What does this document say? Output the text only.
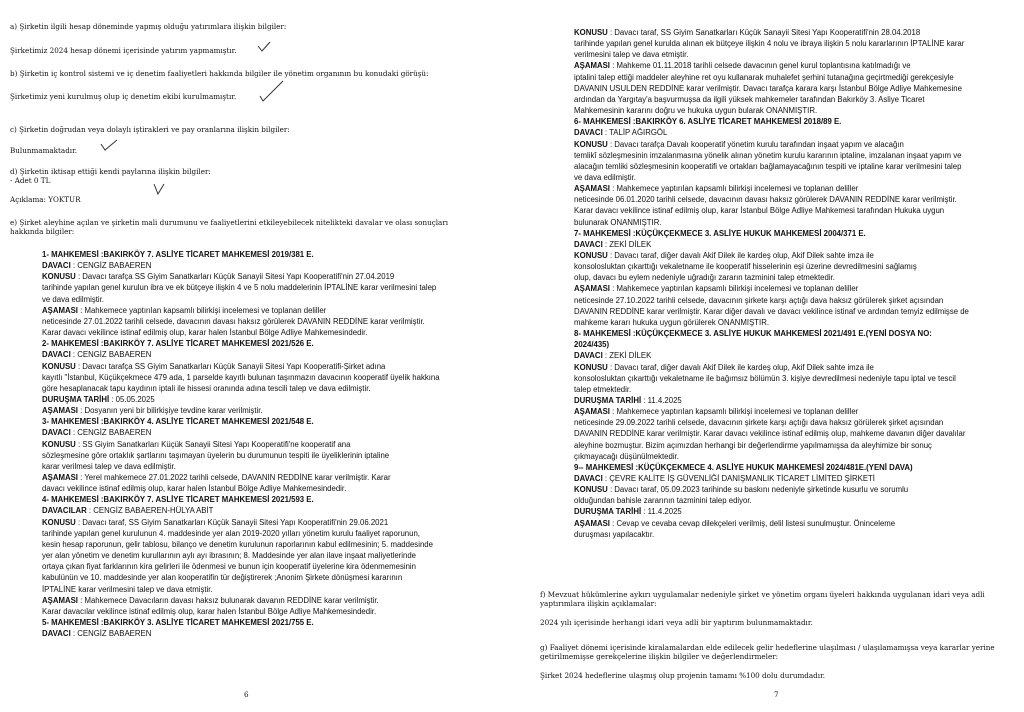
a) Şirketin ilgili hesap döneminde yapmış olduğu yatırımlara ilişkin bilgiler:
Şirketimiz 2024 hesap dönemi içerisinde yatırım yapmamıştır.
b) Şirketin iç kontrol sistemi ve iç denetim faaliyetleri hakkında bilgiler ile yönetim organının bu konudaki görüşü:
Şirketimiz yeni kurulmuş olup iç denetim ekibi kurulmamıştır.
c) Şirketin doğrudan veya dolaylı iştirakleri ve pay oranlarına ilişkin bilgiler:
Bulunmamaktadır.
d) Şirketin iktisap ettiği kendi paylarına ilişkin bilgiler:
- Adet 0 TL
Açıklama: YOKTUR
e) Şirket aleyhine açılan ve şirketin mali durumunu ve faaliyetlerini etkileyebilecek nitelikteki davalar ve olası sonuçları
hakkında bilgiler:
1- MAHKEMESİ :BAKIRKÖY 7. ASLİYE TİCARET MAHKEMESİ 2019/381 E.
DAVACI : CENGİZ BABAEREN
KONUSU : Davacı tarafça SS Giyim Sanatkarları Küçük Sanayii Sitesi Yapı Kooperatifi'nin 27.04.2019
tarihinde yapılan genel kurulun ibra ve ek bütçeye ilişkin 4 ve 5 nolu maddelerinin İPTALİNE karar verilmesini talep
ve dava edilmiştir.
AŞAMASI : Mahkemece yaptırılan kapsamlı bilirkişi incelemesi ve toplanan deliller
neticesinde 27.01.2022 tarihli celsede, davacının davası haksız görülerek DAVANIN REDDİNE karar verilmiştir.
Karar davacı vekilince istinaf edilmiş olup, karar halen İstanbul Bölge Adliye Mahkemesindedir.
2- MAHKEMESİ :BAKIRKÖY 7. ASLİYE TİCARET MAHKEMESİ 2021/526 E.
DAVACI : CENGİZ BABAEREN
KONUSU : Davacı tarafça SS Giyim Sanatkarları Küçük Sanayii Sitesi Yapı Kooperatifi-Şirket adına
kayıtlı "İstanbul, Küçükçekmece 479 ada, 1 parselde kayıtlı bulunan taşınmazın davacının kooperatif üyelik hakkına
göre hesaplanacak tapu kaydının iptali ile hissesi oranında adına tescili talep ve dava edilmiştir.
DURUŞMA TARİHİ : 05.05.2025
AŞAMASI : Dosyanın yeni bir bilirkişiye tevdine karar verilmiştir.
3- MAHKEMESİ :BAKIRKÖY 4. ASLİYE TİCARET MAHKEMESİ 2021/548 E.
DAVACI : CENGİZ BABAEREN
KONUSU : SS Giyim Sanatkarları Küçük Sanayii Sitesi Yapı Kooperatifi'ne kooperatif ana
sözleşmesine göre ortaklık şartlarını taşımayan üyelerin bu durumunun tespiti ile üyeliklerinin iptaline
karar verilmesi talep ve dava edilmiştir.
AŞAMASI : Yerel mahkemece 27.01.2022 tarihli celsede, DAVANIN REDDİNE karar verilmiştir. Karar
davacı vekilince istinaf edilmiş olup, karar halen İstanbul Bölge Adliye Mahkemesindedir.
4- MAHKEMESİ :BAKIRKÖY 7. ASLİYE TİCARET MAHKEMESİ 2021/593 E.
DAVACILAR : CENGİZ BABAEREN-HÜLYA ABİT
KONUSU : Davacı taraf, SS Giyim Sanatkarları Küçük Sanayii Sitesi Yapı Kooperatifi'nin 29.06.2021
tarihinde yapılan genel kurulunun 4. maddesinde yer alan 2019-2020 yılları yönetim kurulu faaliyet raporunun,
kesin hesap raporunun, gelir tablosu, bilanço ve denetim kurulunun raporlarının kabul edilmesinin; 5. maddesinde
yer alan yönetim ve denetim kurullarının aylı ayı ibrasının; 8. Maddesinde yer alan ilave inşaat maliyetlerinde
ortaya çıkan fiyat farklarının kira gelirleri ile ödenmesi ve bunun için kooperatif üyelerine kira ödenmemesinin
kabulünün ve 10. maddesinde yer alan kooperatifin tür değiştirerek ;Anonim Şirkete dönüşmesi kararının
İPTALİNE karar verilmesini talep ve dava etmiştir.
AŞAMASI : Mahkemece Davacıların davası haksız bulunarak davanın REDDİNE karar verilmiştir.
Karar davacılar vekilince istinaf edilmiş olup, karar halen İstanbul Bölge Adliye Mahkemesindedir.
5- MAHKEMESİ :BAKIRKÖY 3. ASLİYE TİCARET MAHKEMESİ 2021/755 E.
DAVACI : CENGİZ BABAEREN
6
KONUSU : Davacı taraf, SS Giyim Sanatkarları Küçük Sanayii Sitesi Yapı Kooperatifi'nin 28.04.2018
tarihinde yapılan genel kurulda alınan ek bütçeye ilişkin 4 nolu ve ibraya ilişkin 5 nolu kararlarının İPTALİNE karar
verilmesini talep ve dava etmiştir.
AŞAMASI : Mahkeme 01.11.2018 tarihli celsede davacının genel kurul toplantısına katılmadığı ve
iptalini talep ettiği maddeler aleyhine ret oyu kullanarak muhalefet şerhini tutanağına geçirtmediği gerekçesiyle
DAVANIN USULDEN REDDİNE karar verilmiştir. Davacı tarafça karara karşı İstanbul Bölge Adliye Mahkemesine
ardından da Yargıtay'a başvurmuşsa da ilgili yüksek mahkemeler tarafından Bakırköy 3. Asliye Ticaret
Mahkemesinin kararını doğru ve hukuka uygun bularak ONANMIŞTIR.
6- MAHKEMESİ :BAKIRKÖY 6. ASLİYE TİCARET MAHKEMESİ 2018/89 E.
DAVACI : TALİP AĞIRGÖL
KONUSU : Davacı tarafça Davalı kooperatif yönetim kurulu tarafından inşaat yapım ve alacağın
temlikî sözleşmesinin imzalanmasına yönelik alınan yönetim kurulu kararının iptaline, imzalanan inşaat yapım ve
alacağın temliki sözleşmesinin kooperatifi ve ortakları bağlamayacağının tespiti ve iptaline karar verilmesini talep
ve dava edilmiştir.
AŞAMASI : Mahkemece yaptırılan kapsamlı bilirkişi incelemesi ve toplanan deliller
neticesinde 06.01.2020 tarihli celsede, davacının davası haksız görülerek DAVANIN REDDİNE karar verilmiştir.
Karar davacı vekilince istinaf edilmiş olup, karar İstanbul Bölge Adliye Mahkemesi tarafından Hukuka uygun
bulunarak ONANMIŞTIR.
7- MAHKEMESİ :KÜÇÜKÇEKMECE 3. ASLİYE HUKUK MAHKEMESİ 2004/371 E.
DAVACI : ZEKİ DİLEK
KONUSU : Davacı taraf, diğer davalı Akif Dilek ile kardeş olup, Akif Dilek sahte imza ile
konsolosluktan çıkarttığı vekaletname ile kooperatif hisselerinin eşi üzerine devredilmesini sağlamış
olup, davacı bu eylem nedeniyle uğradığı zararın tazminini talep etmektedir.
AŞAMASI : Mahkemece yaptırılan kapsamlı bilirkişi incelemesi ve toplanan deliller
neticesinde 27.10.2022 tarihli celsede, davacının şirkete karşı açtığı dava haksız görülerek şirket açısından
DAVANIN REDDİNE karar verilmiştir. Karar diğer davalı ve davacı vekilince istinaf ve ardından temyiz edilmişse de
mahkeme kararı hukuka uygun görülerek ONANMIŞTIR.
8- MAHKEMESİ :KÜÇÜKÇEKMECE 3. ASLİYE HUKUK MAHKEMESİ 2021/491 E.(YENİ DOSYA NO:
2024/435)
DAVACI : ZEKİ DİLEK
KONUSU : Davacı taraf, diğer davalı Akif Dilek ile kardeş olup, Akif Dilek sahte imza ile
konsolosluktan çıkarttığı vekaletname ile bağımsız bölümün 3. kişiye devredilmesi nedeniyle tapu iptal ve tescil
talep etmektedir.
DURUŞMA TARİHİ : 11.4.2025
AŞAMASI : Mahkemece yaptırılan kapsamlı bilirkişi incelemesi ve toplanan deliller
neticesinde 29.09.2022 tarihli celsede, davacının şirkete karşı açtığı dava haksız görülerek şirket açısından
DAVANIN REDDİNE karar verilmiştir. Karar davacı vekilince istinaf edilmiş olup, mahkeme davanın diğer davalılar
aleyhine bozmuştur. Bizim açımızdan herhangi bir değerlendirme yapılmamışsa da aleyhimize bir sonuç
çıkmayacağı düşünülmektedir.
9-- MAHKEMESİ :KÜÇÜKÇEKMECE 4. ASLİYE HUKUK MAHKEMESİ 2024/481E.(YENİ DAVA)
DAVACI : ÇEVRE KALİTE İŞ GÜVENLİĞİ DANIŞMANLIK TİCARET LİMİTED ŞİRKETİ
KONUSU : Davacı taraf, 05.09.2023 tarihinde su baskını nedeniyle şirketinde kusurlu ve sorumlu
olduğundan bahisle zararının tazminini talep ediyor.
DURUŞMA TARİHİ : 11.4.2025
AŞAMASI : Cevap ve cevaba cevap dilekçeleri verilmiş, delil listesi sunulmuştur. Öninceleme
duruşması yapılacaktır.
f) Mevzuat hükümlerine aykırı uygulamalar nedeniyle şirket ve yönetim organı üyeleri hakkında uygulanan idari veya adli
yaptırımlara ilişkin açıklamalar:
2024 yılı içerisinde herhangi idari veya adli bir yaptırım bulunmamaktadır.
g) Faaliyet dönemi içerisinde kiralamalardan elde edilecek gelir hedeflerine ulaşılması / ulaşılamamışsa veya kararlar yerine
getirilmemişse gerekçelerine ilişkin bilgiler ve değerlendirmeler:
Şirket 2024 hedeflerine ulaşmış olup projenin tamamı %100 dolu durumdadır.
7
